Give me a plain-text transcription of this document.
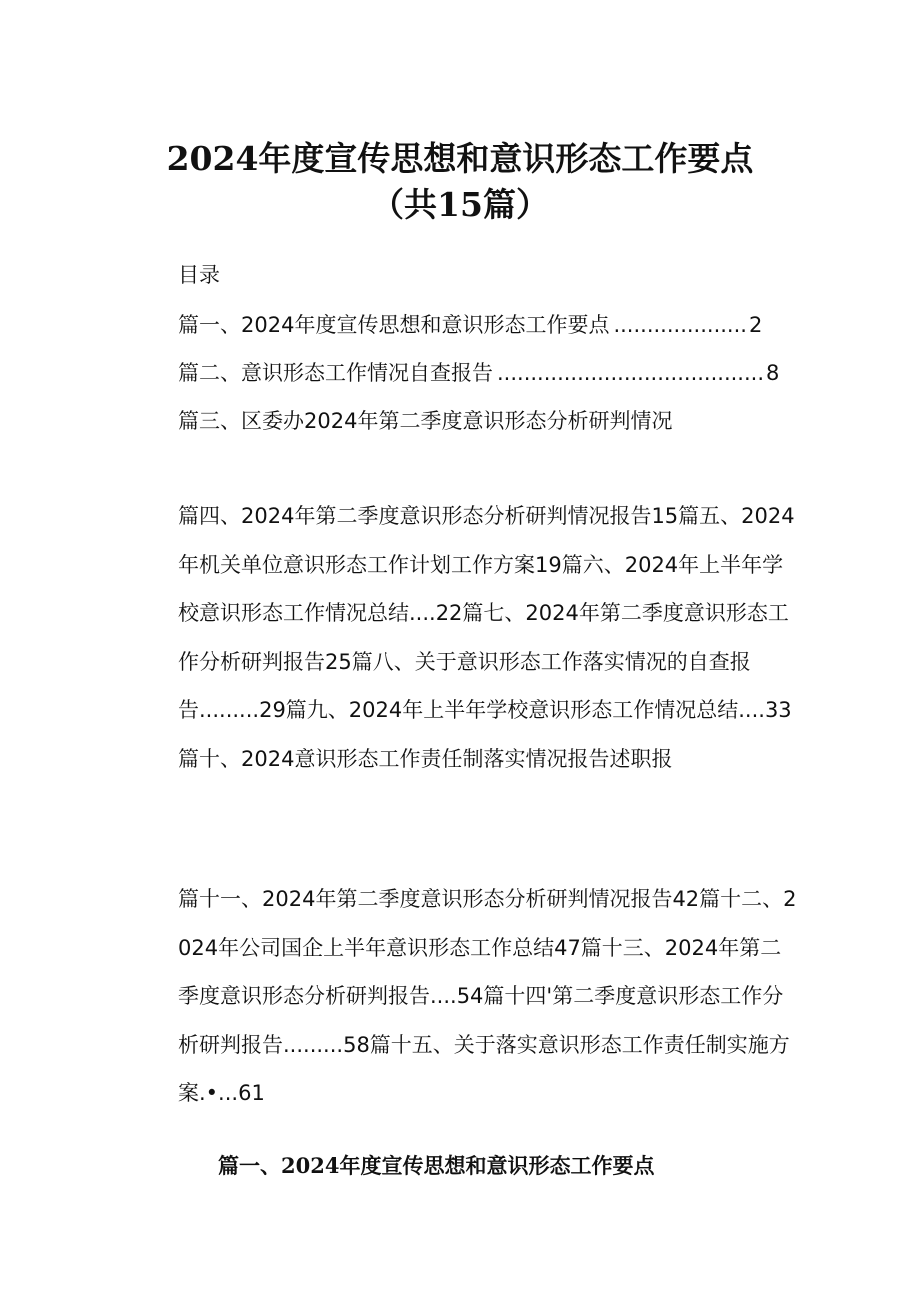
2024年度宣传思想和意识形态工作要点（共15篇）
目录
篇一、2024年度宣传思想和意识形态工作要点 .................... 2
篇二、意识形态工作情况自查报告 ........................................ 8
篇三、区委办2024年第二季度意识形态分析研判情况

篇四、2024年第二季度意识形态分析研判情况报告15篇五、2024年机关单位意识形态工作计划工作方案19篇六、2024年上半年学校意识形态工作情况总结....22篇七、2024年第二季度意识形态工作分析研判报告25篇八、关于意识形态工作落实情况的自查报告.........29篇九、2024年上半年学校意识形态工作情况总结....33篇十、2024意识形态工作责任制落实情况报告述职报

篇十一、2024年第二季度意识形态分析研判情况报告42篇十二、2024年公司国企上半年意识形态工作总结47篇十三、2024年第二季度意识形态分析研判报告....54篇十四'第二季度意识形态工作分析研判报告.........58篇十五、关于落实意识形态工作责任制实施方案.•...61

篇一、2024年度宣传思想和意识形态工作要点
